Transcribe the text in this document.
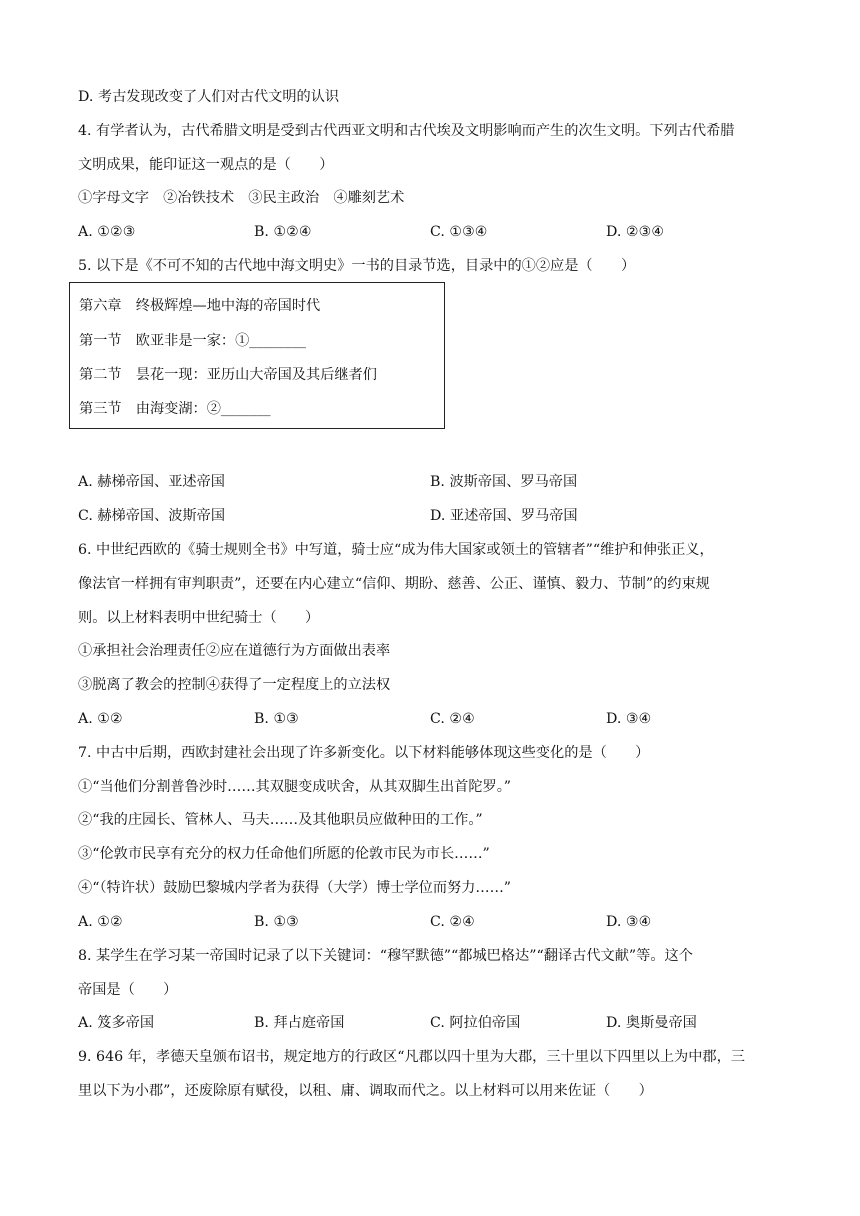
D. 考古发现改变了人们对古代文明的认识
4. 有学者认为，古代希腊文明是受到古代西亚文明和古代埃及文明影响而产生的次生文明。下列古代希腊
文明成果，能印证这一观点的是（　　）
①字母文字　②冶铁技术　③民主政治　④雕刻艺术
A. ①②③	B. ①②④	C. ①③④	D. ②③④
5. 以下是《不可不知的古代地中海文明史》一书的目录节选，目录中的①②应是（　　）
第六章　终极辉煌—地中海的帝国时代
第一节　欧亚非是一家：①________
第二节　昙花一现：亚历山大帝国及其后继者们
第三节　由海变湖：②_______
A. 赫梯帝国、亚述帝国	B. 波斯帝国、罗马帝国
C. 赫梯帝国、波斯帝国	D. 亚述帝国、罗马帝国
6. 中世纪西欧的《骑士规则全书》中写道，骑士应“成为伟大国家或领土的管辖者”“维护和伸张正义，
像法官一样拥有审判职责”，还要在内心建立“信仰、期盼、慈善、公正、谨慎、毅力、节制”的约束规
则。以上材料表明中世纪骑士（　　）
①承担社会治理责任②应在道德行为方面做出表率
③脱离了教会的控制④获得了一定程度上的立法权
A. ①②	B. ①③	C. ②④	D. ③④
7. 中古中后期，西欧封建社会出现了许多新变化。以下材料能够体现这些变化的是（　　）
①“当他们分割普鲁沙时……其双腿变成吠舍，从其双脚生出首陀罗。”
②“我的庄园长、管林人、马夫……及其他职员应做种田的工作。”
③“伦敦市民享有充分的权力任命他们所愿的伦敦市民为市长……”
④“（特许状）鼓励巴黎城内学者为获得（大学）博士学位而努力……”
A. ①②	B. ①③	C. ②④	D. ③④
8. 某学生在学习某一帝国时记录了以下关键词：“穆罕默德”“都城巴格达”“翻译古代文献”等。这个
帝国是（　　）
A. 笈多帝国	B. 拜占庭帝国	C. 阿拉伯帝国	D. 奥斯曼帝国
9. 646 年，孝德天皇颁布诏书，规定地方的行政区“凡郡以四十里为大郡，三十里以下四里以上为中郡，三
里以下为小郡”，还废除原有赋役，以租、庸、调取而代之。以上材料可以用来佐证（　　）
